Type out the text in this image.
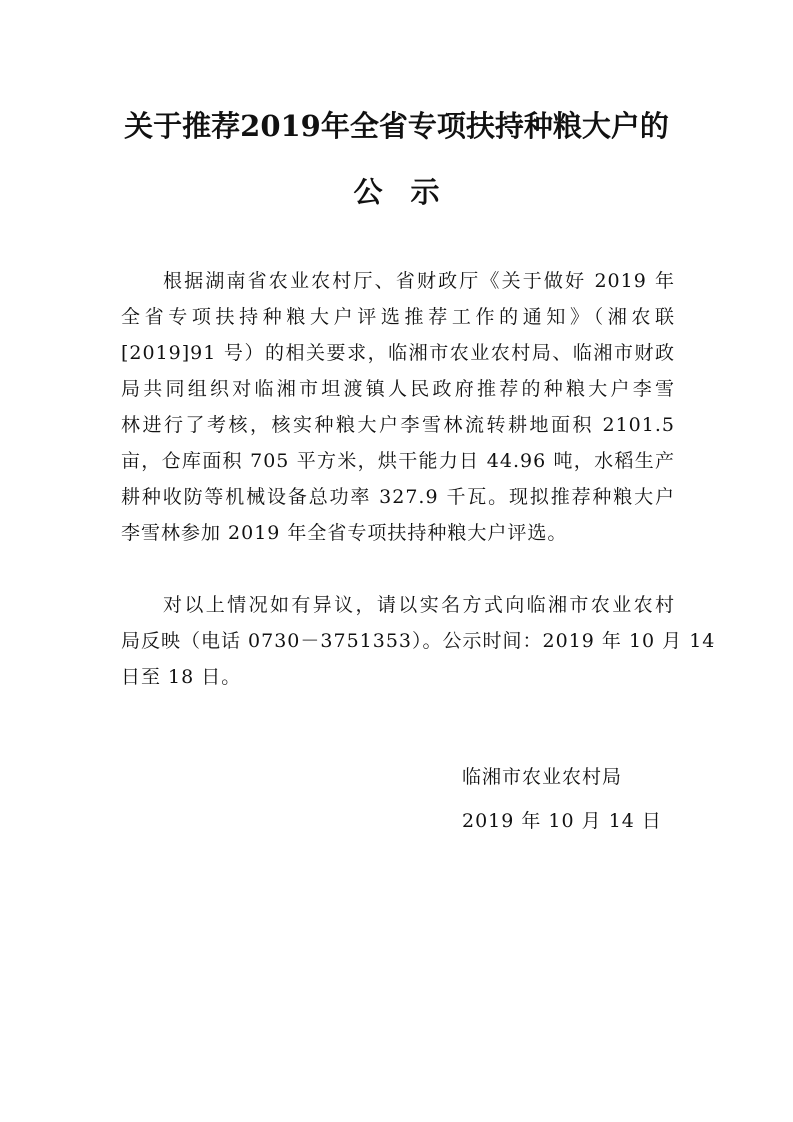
关于推荐2019年全省专项扶持种粮大户的
公示
根据湖南省农业农村厅、省财政厅《关于做好 2019 年
全省专项扶持种粮大户评选推荐工作的通知》（湘农联
[2019]91 号）的相关要求，临湘市农业农村局、临湘市财政
局共同组织对临湘市坦渡镇人民政府推荐的种粮大户李雪
林进行了考核，核实种粮大户李雪林流转耕地面积 2101.5
亩，仓库面积 705 平方米，烘干能力日 44.96 吨，水稻生产
耕种收防等机械设备总功率 327.9 千瓦。现拟推荐种粮大户
李雪林参加 2019 年全省专项扶持种粮大户评选。
对以上情况如有异议，请以实名方式向临湘市农业农村
局反映（电话 0730－3751353）。公示时间：2019 年 10 月 14
日至 18 日。
临湘市农业农村局
2019 年 10 月 14 日
